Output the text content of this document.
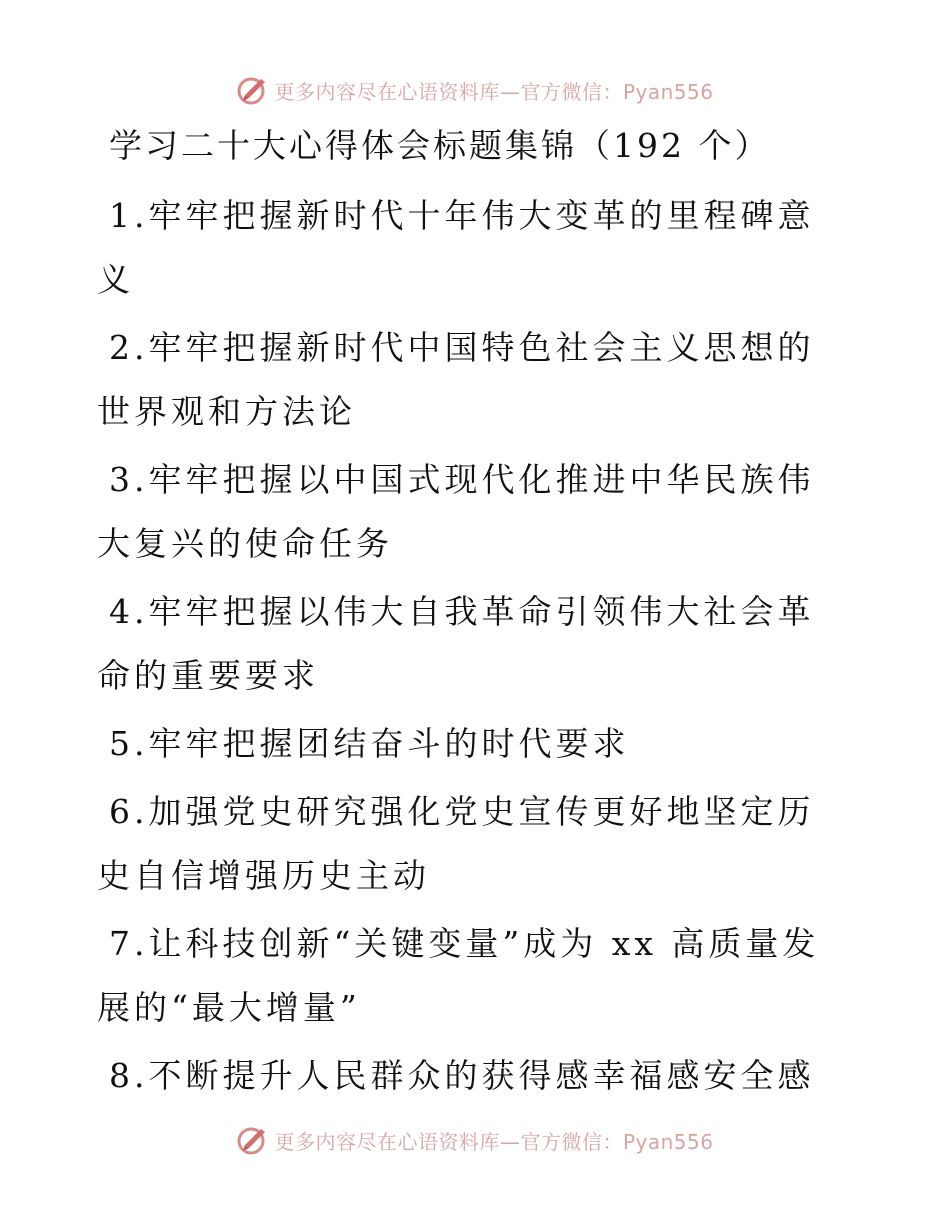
更多内容尽在心语资料库—官方微信：Pyan556
学习二十大心得体会标题集锦（192 个）
1.牢牢把握新时代十年伟大变革的里程碑意义
2.牢牢把握新时代中国特色社会主义思想的世界观和方法论
3.牢牢把握以中国式现代化推进中华民族伟大复兴的使命任务
4.牢牢把握以伟大自我革命引领伟大社会革命的重要要求
5.牢牢把握团结奋斗的时代要求
6.加强党史研究强化党史宣传更好地坚定历史自信增强历史主动
7.让科技创新“关键变量”成为 xx 高质量发展的“最大增量”
8.不断提升人民群众的获得感幸福感安全感
更多内容尽在心语资料库—官方微信：Pyan556
